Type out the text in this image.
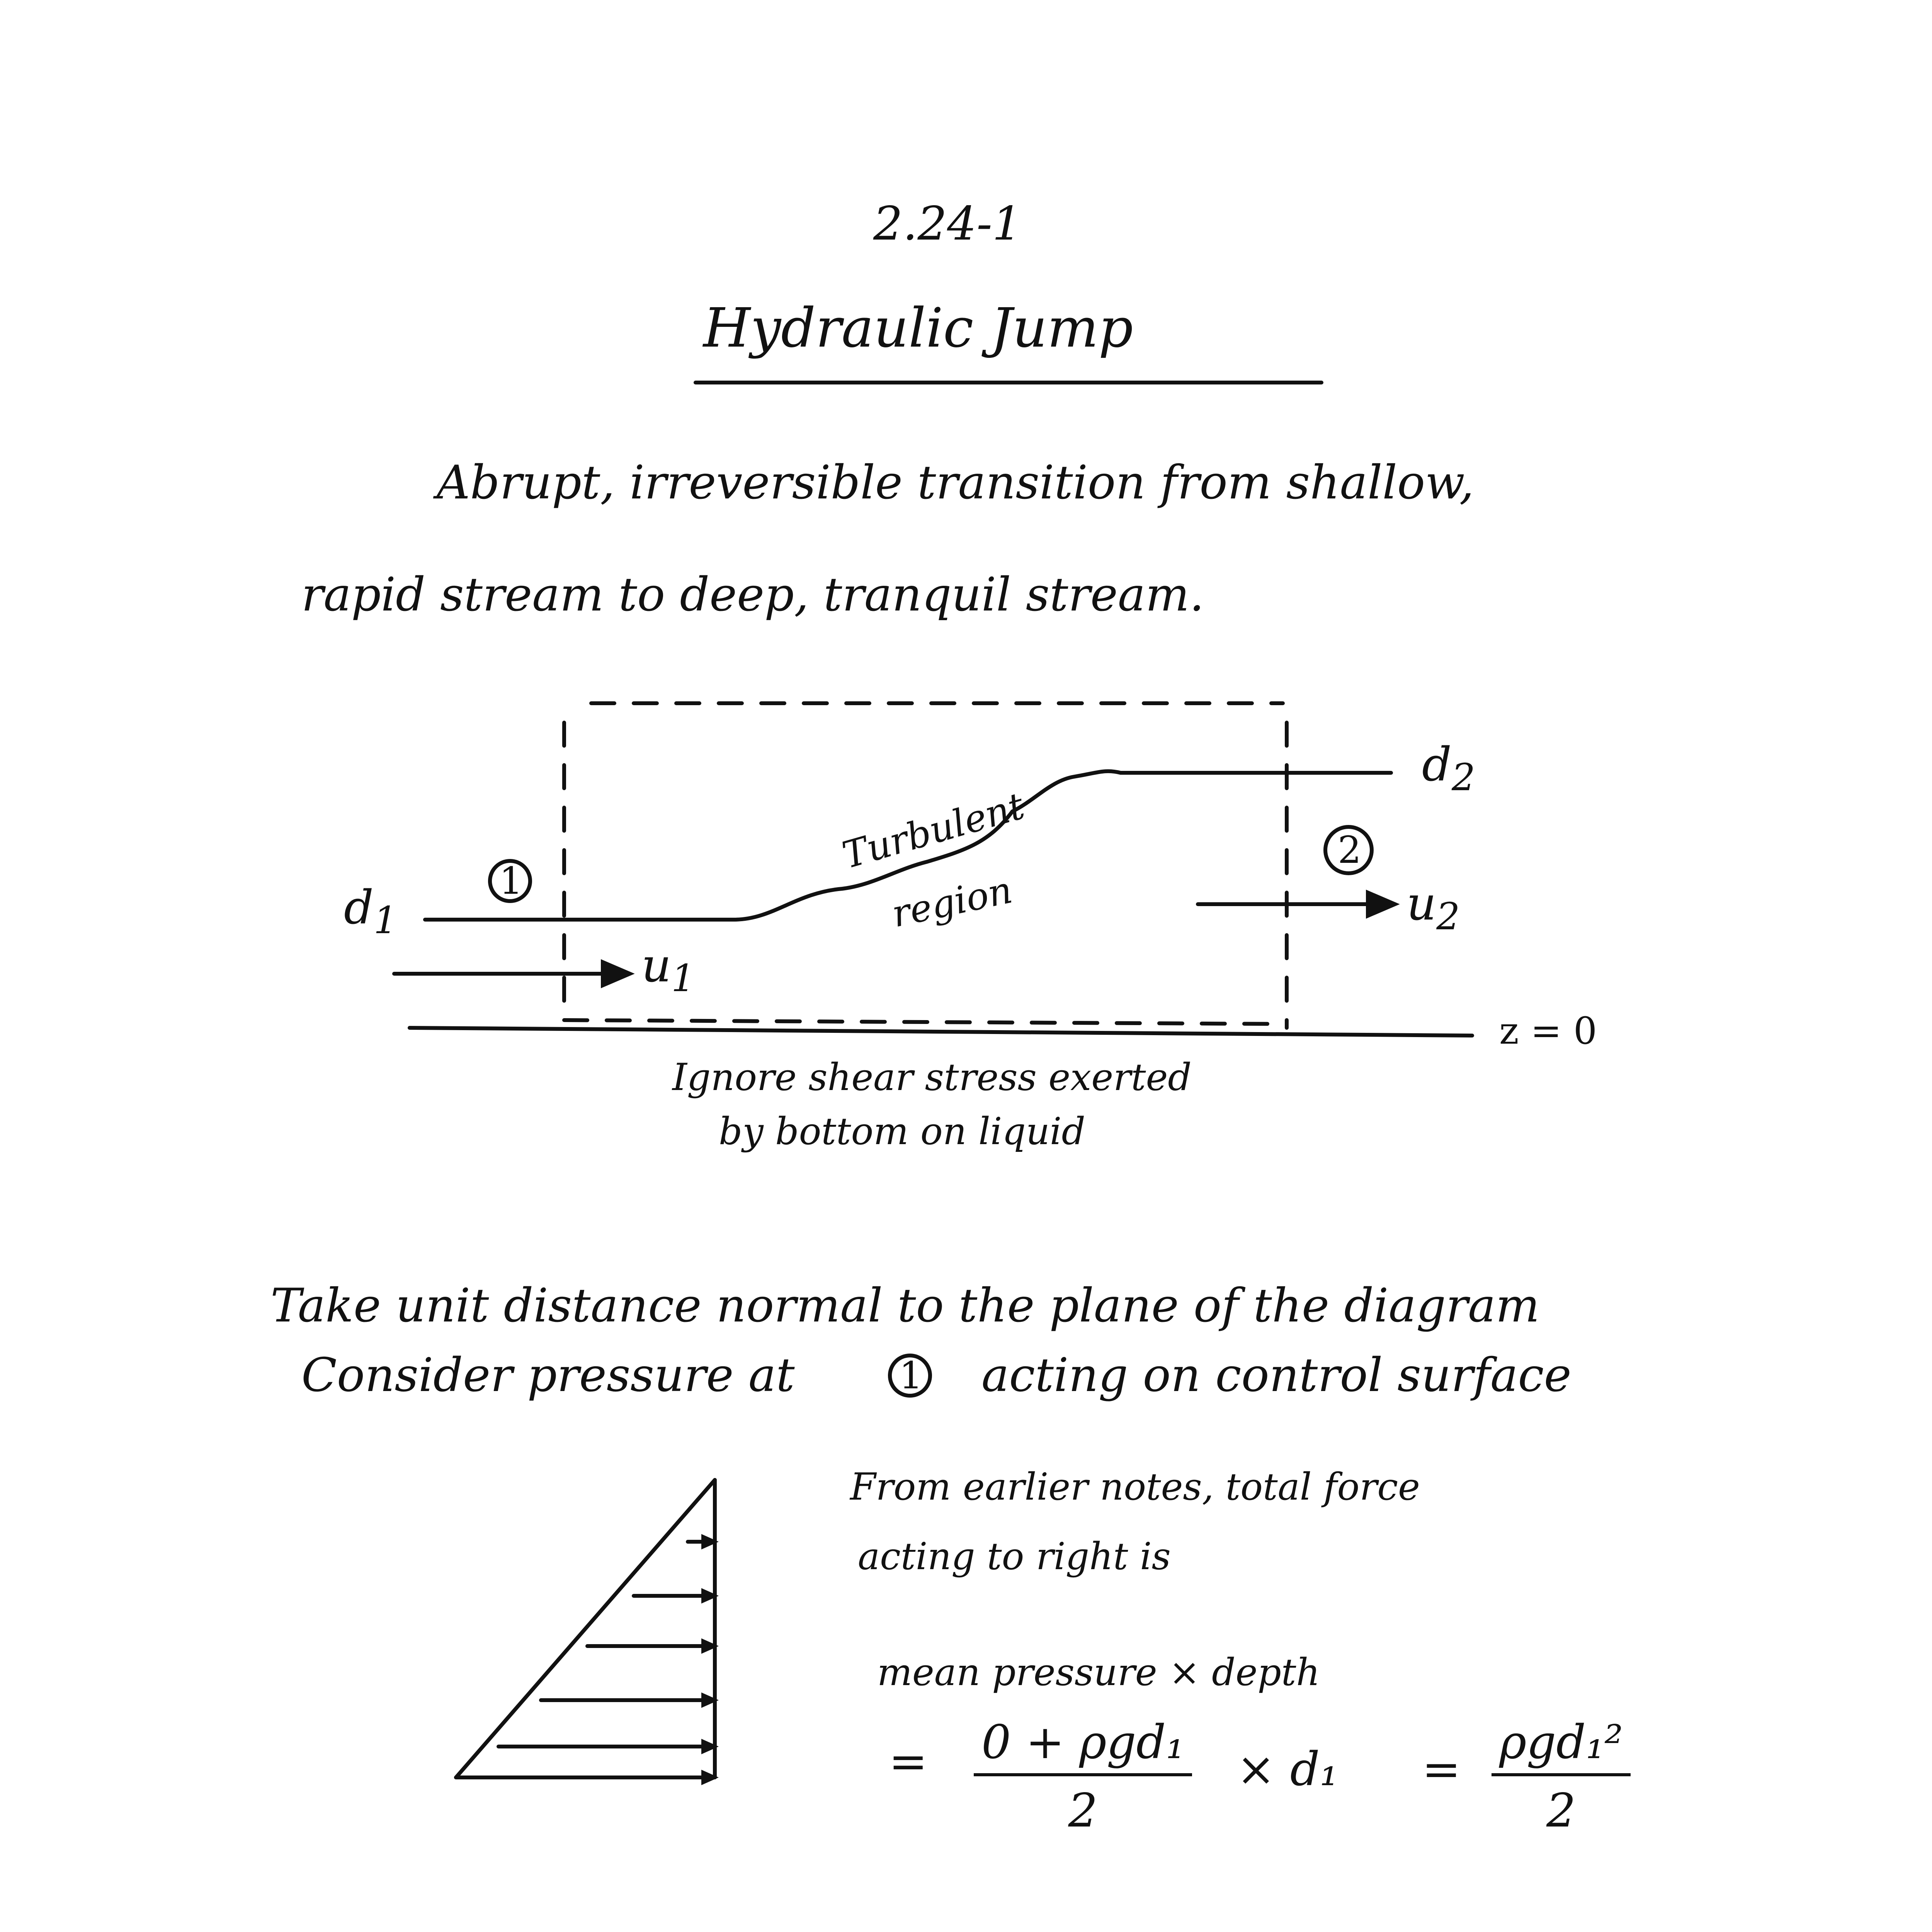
2.24-1
Hydraulic Jump
Abrupt, irreversible transition from shallow,
rapid stream to deep, tranquil stream.
$d_1$
$d_2$
$u_1$
$u_2$
1
2
Turbulent
region
z = 0
Ignore shear stress exerted
by bottom on liquid
Take unit distance normal to the plane of the diagram
Consider pressure at	1 acting on control surface
From earlier notes, total force
acting to right is
mean pressure × depth
= 0 + ρgd₁
2
× d₁ =
ρgd₁²
2
